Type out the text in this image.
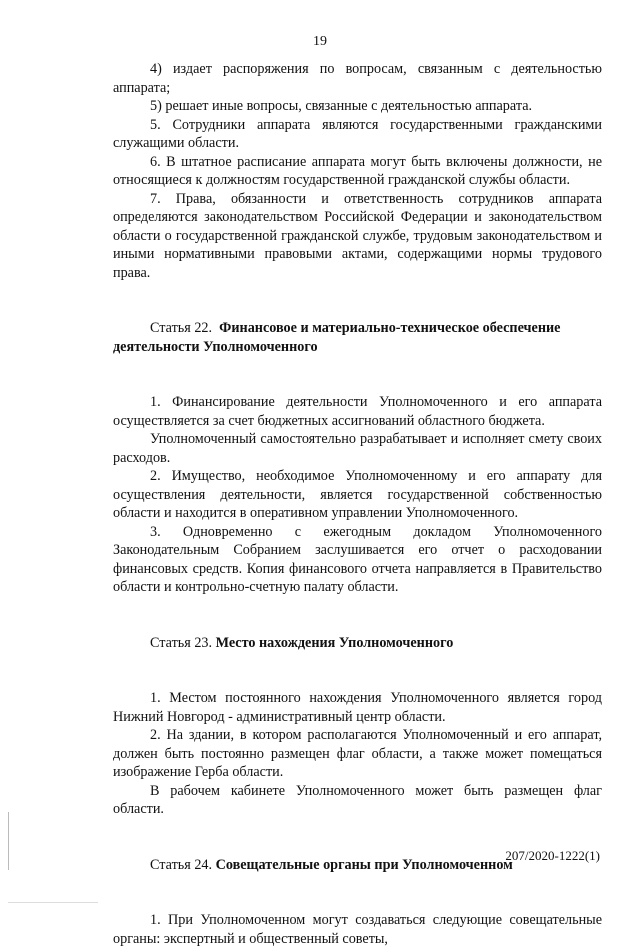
19

4) издает распоряжения по вопросам, связанным с деятельностью аппарата;

5) решает иные вопросы, связанные с деятельностью аппарата.

5. Сотрудники аппарата являются государственными гражданскими служащими области.

6. В штатное расписание аппарата могут быть включены должности, не относящиеся к должностям государственной гражданской службы области.

7. Права, обязанности и ответственность сотрудников аппарата определяются законодательством Российской Федерации и законодательством области о государственной гражданской службе, трудовым законодательством и иными нормативными правовыми актами, содержащими нормы трудового права.

Статья 22. Финансовое и материально-техническое обеспечение деятельности Уполномоченного

1. Финансирование деятельности Уполномоченного и его аппарата осуществляется за счет бюджетных ассигнований областного бюджета.

Уполномоченный самостоятельно разрабатывает и исполняет смету своих расходов.

2. Имущество, необходимое Уполномоченному и его аппарату для осуществления деятельности, является государственной собственностью области и находится в оперативном управлении Уполномоченного.

3. Одновременно с ежегодным докладом Уполномоченного Законодательным Собранием заслушивается его отчет о расходовании финансовых средств. Копия финансового отчета направляется в Правительство области и контрольно-счетную палату области.

Статья 23. Место нахождения Уполномоченного

1. Местом постоянного нахождения Уполномоченного является город Нижний Новгород - административный центр области.

2. На здании, в котором располагаются Уполномоченный и его аппарат, должен быть постоянно размещен флаг области, а также может помещаться изображение Герба области.

В рабочем кабинете Уполномоченного может быть размещен флаг области.

Статья 24. Совещательные органы при Уполномоченном

1. При Уполномоченном могут создаваться следующие совещательные органы: экспертный и общественный советы,

207/2020-1222(1)
